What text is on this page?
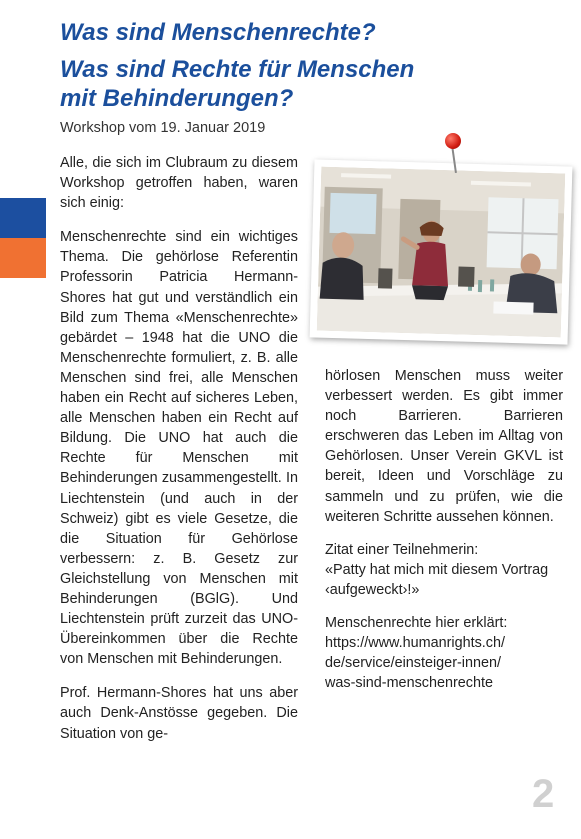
Was sind Menschenrechte?
Was sind Rechte für Menschen
mit Behinderungen?
Workshop vom 19. Januar 2019

Alle, die sich im Clubraum zu diesem Workshop getroffen haben, waren sich einig:

Menschenrechte sind ein wichtiges Thema. Die gehörlose Referentin Professorin Patricia Hermann-Shores hat gut und verständlich ein Bild zum Thema «Menschenrechte» gebärdet – 1948 hat die UNO die Menschenrechte formuliert, z. B. alle Menschen sind frei, alle Menschen haben ein Recht auf sicheres Leben, alle Menschen haben ein Recht auf Bildung. Die UNO hat auch die Rechte für Menschen mit Behinderungen zusammengestellt. In Liechtenstein (und auch in der Schweiz) gibt es viele Gesetze, die die Situation für Gehörlose verbessern: z. B. Gesetz zur Gleichstellung von Menschen mit Behinderungen (BGlG). Und Liechtenstein prüft zurzeit das UNO-Übereinkommen über die Rechte von Menschen mit Behinderungen.

Prof. Hermann-Shores hat uns aber auch Denk-Anstösse gegeben. Die Situation von ge-

hörlosen Menschen muss weiter verbessert werden. Es gibt immer noch Barrieren. Barrieren erschweren das Leben im Alltag von Gehörlosen. Unser Verein GKVL ist bereit, Ideen und Vorschläge zu sammeln und zu prüfen, wie die weiteren Schritte aussehen können.

Zitat einer Teilnehmerin:
«Patty hat mich mit diesem Vortrag ‹aufgeweckt›!»

Menschenrechte hier erklärt:
https://www.humanrights.ch/
de/service/einsteiger-innen/
was-sind-menschenrechte

2
